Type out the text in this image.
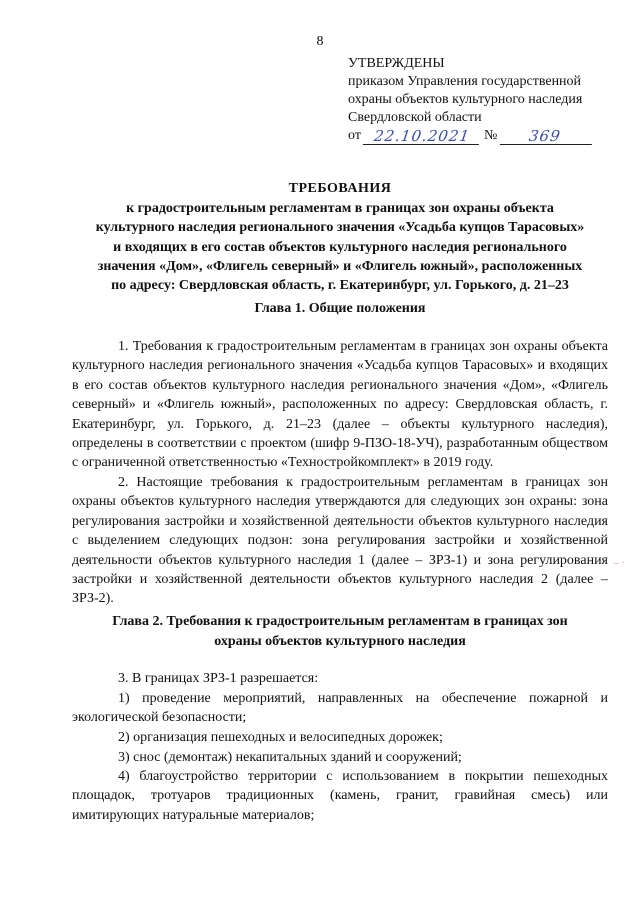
8
УТВЕРЖДЕНЫ
приказом Управления государственной
охраны объектов культурного наследия
Свердловской области
от
22.10.2021
№
	369
ТРЕБОВАНИЯ
к градостроительным регламентам в границах зон охраны объекта
культурного наследия регионального значения «Усадьба купцов Тарасовых»
и входящих в его состав объектов культурного наследия регионального
значения «Дом», «Флигель северный» и «Флигель южный», расположенных
по адресу: Свердловская область, г. Екатеринбург, ул. Горького, д. 21–23
Глава 1. Общие положения

1. Требования к градостроительным регламентам в границах зон охраны объекта культурного наследия регионального значения «Усадьба купцов Тарасовых» и входящих в его состав объектов культурного наследия регионального значения «Дом», «Флигель северный» и «Флигель южный», расположенных по адресу: Свердловская область, г. Екатеринбург, ул. Горького, д. 21–23 (далее – объекты культурного наследия), определены в соответствии с проектом (шифр 9-ПЗО-18-УЧ), разработанным обществом с ограниченной ответственностью «Техностройкомплект» в 2019 году.

2. Настоящие требования к градостроительным регламентам в границах зон охраны объектов культурного наследия утверждаются для следующих зон охраны: зона регулирования застройки и хозяйственной деятельности объектов культурного наследия с выделением следующих подзон: зона регулирования застройки и хозяйственной деятельности объектов культурного наследия 1 (далее – ЗРЗ-1) и зона регулирования застройки и хозяйственной деятельности объектов культурного наследия 2 (далее – ЗРЗ-2).

– ·
Глава 2. Требования к градостроительным регламентам в границах зон
охраны объектов культурного наследия

3. В границах ЗРЗ-1 разрешается:

1) проведение мероприятий, направленных на обеспечение пожарной и экологической безопасности;

2) организация пешеходных и велосипедных дорожек;

3) снос (демонтаж) некапитальных зданий и сооружений;

4) благоустройство территории с использованием в покрытии пешеходных площадок, тротуаров традиционных (камень, гранит, гравийная смесь) или имитирующих натуральные материалов;
